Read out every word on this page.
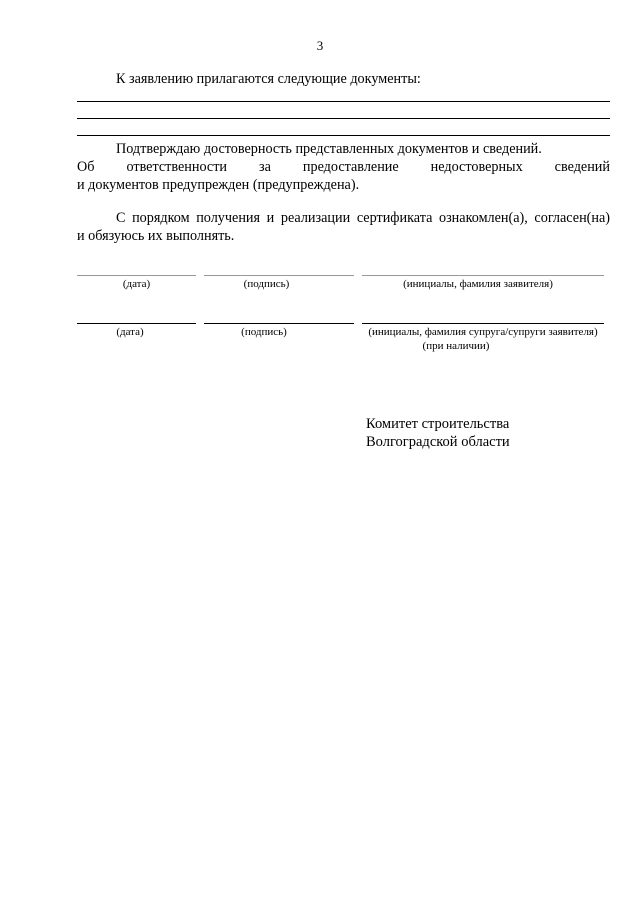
3
К заявлению прилагаются следующие документы:
Подтверждаю достоверность представленных документов и сведений.
Об ответственности за предоставление недостоверных сведений
и документов предупрежден (предупреждена).
С порядком получения и реализации сертификата ознакомлен(а), согласен(на)
и обязуюсь их выполнять.
(дата)	(подпись)	(инициалы, фамилия заявителя)
(дата)	(подпись)	(инициалы, фамилия супруга/супруги заявителя)
(при наличии)
Комитет строительства
Волгоградской области
